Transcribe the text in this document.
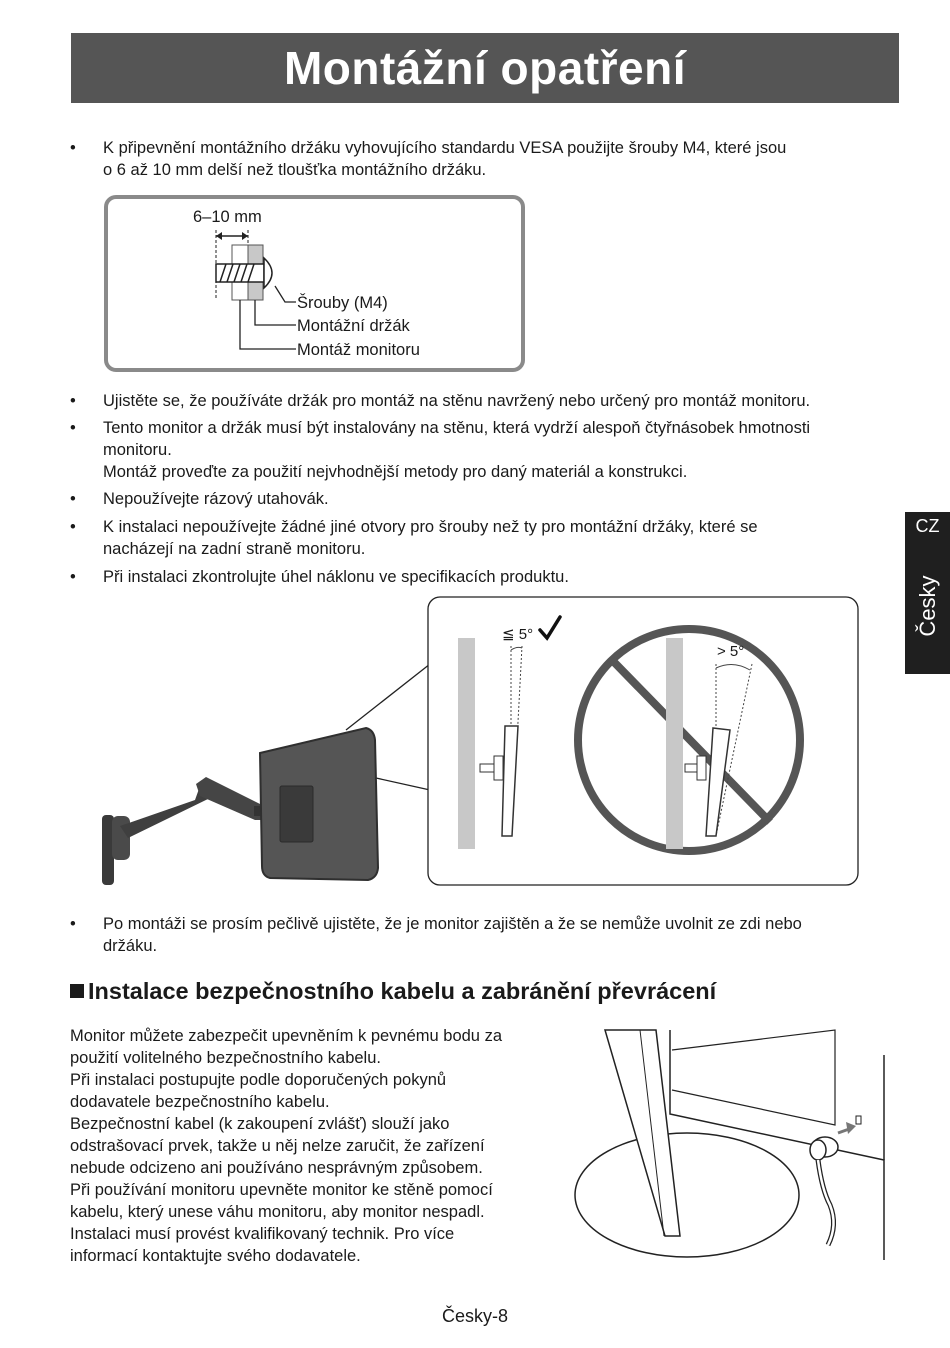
Montážní opatření
• K připevnění montážního držáku vyhovujícího standardu VESA použijte šrouby M4, které jsou
o 6 až 10 mm delší než tloušťka montážního držáku.
• Ujistěte se, že používáte držák pro montáž na stěnu navržený nebo určený pro montáž monitoru.
• Tento monitor a držák musí být instalovány na stěnu, která vydrží alespoň čtyřnásobek hmotnosti
monitoru.
Montáž proveďte za použití nejvhodnější metody pro daný materiál a konstrukci.
• Nepoužívejte rázový utahovák.
• K instalaci nepoužívejte žádné jiné otvory pro šrouby než ty pro montážní držáky, které se
nacházejí na zadní straně monitoru.
• Při instalaci zkontrolujte úhel náklonu ve specifikacích produktu.
• Po montáži se prosím pečlivě ujistěte, že je monitor zajištěn a že se nemůže uvolnit ze zdi nebo
držáku.
CZ
Česky
Instalace bezpečnostního kabelu a zabránění převrácení
Monitor můžete zabezpečit upevněním k pevnému bodu za
použití volitelného bezpečnostního kabelu.
Při instalaci postupujte podle doporučených pokynů
dodavatele bezpečnostního kabelu.
Bezpečnostní kabel (k zakoupení zvlášť) slouží jako
odstrašovací prvek, takže u něj nelze zaručit, že zařízení
nebude odcizeno ani používáno nesprávným způsobem.
Při používání monitoru upevněte monitor ke stěně pomocí
kabelu, který unese váhu monitoru, aby monitor nespadl.
Instalaci musí provést kvalifikovaný technik. Pro více
informací kontaktujte svého dodavatele.
Česky-8
6–10 mm
Šrouby (M4)
Montážní držák
Montáž monitoru
≦ 5°
> 5°
